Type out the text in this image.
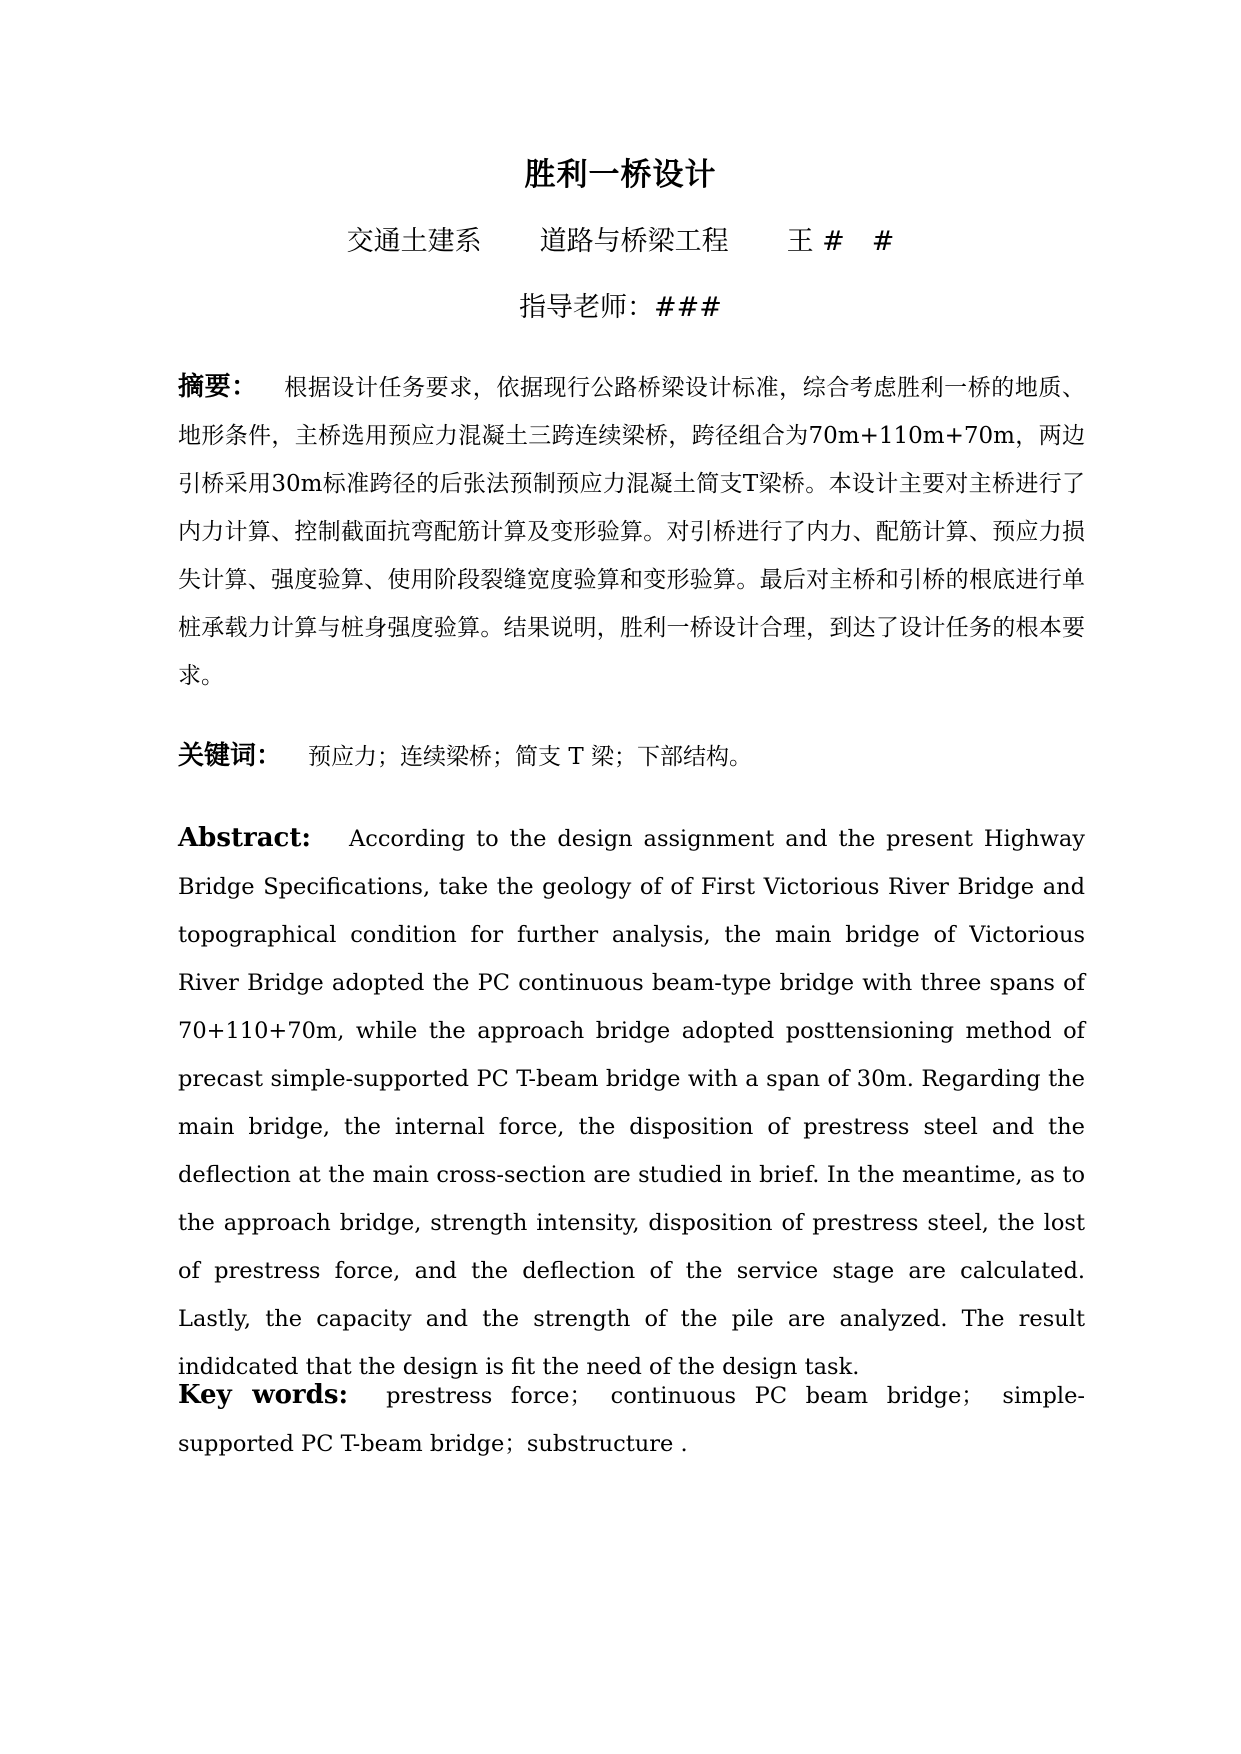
胜利一桥设计
交通土建系 道路与桥梁工程 王 #　#
指导老师：###
摘要： 根据设计任务要求，依据现行公路桥梁设计标准，综合考虑胜利一桥的地质、地形条件，主桥选用预应力混凝土三跨连续梁桥，跨径组合为70m+110m+70m，两边引桥采用30m标准跨径的后张法预制预应力混凝土简支T梁桥。本设计主要对主桥进行了内力计算、控制截面抗弯配筋计算及变形验算。对引桥进行了内力、配筋计算、预应力损失计算、强度验算、使用阶段裂缝宽度验算和变形验算。最后对主桥和引桥的根底进行单桩承载力计算与桩身强度验算。结果说明，胜利一桥设计合理，到达了设计任务的根本要求。
关键词： 预应力；连续梁桥；简支 T 梁；下部结构。
Abstract: According to the design assignment and the present Highway Bridge Specifications, take the geology of of First Victorious River Bridge and topographical condition for further analysis, the main bridge of Victorious River Bridge adopted the PC continuous beam-type bridge with three spans of 70+110+70m, while the approach bridge adopted posttensioning method of precast simple-supported PC T-beam bridge with a span of 30m. Regarding the main bridge, the internal force, the disposition of prestress steel and the deflection at the main cross-section are studied in brief. In the meantime, as to the approach bridge, strength intensity, disposition of prestress steel, the lost of prestress force, and the deflection of the service stage are calculated. Lastly, the capacity and the strength of the pile are analyzed. The result indidcated that the design is fit the need of the design task.
Key words: prestress force； continuous PC beam bridge； simple-supported PC T-beam bridge；substructure .
